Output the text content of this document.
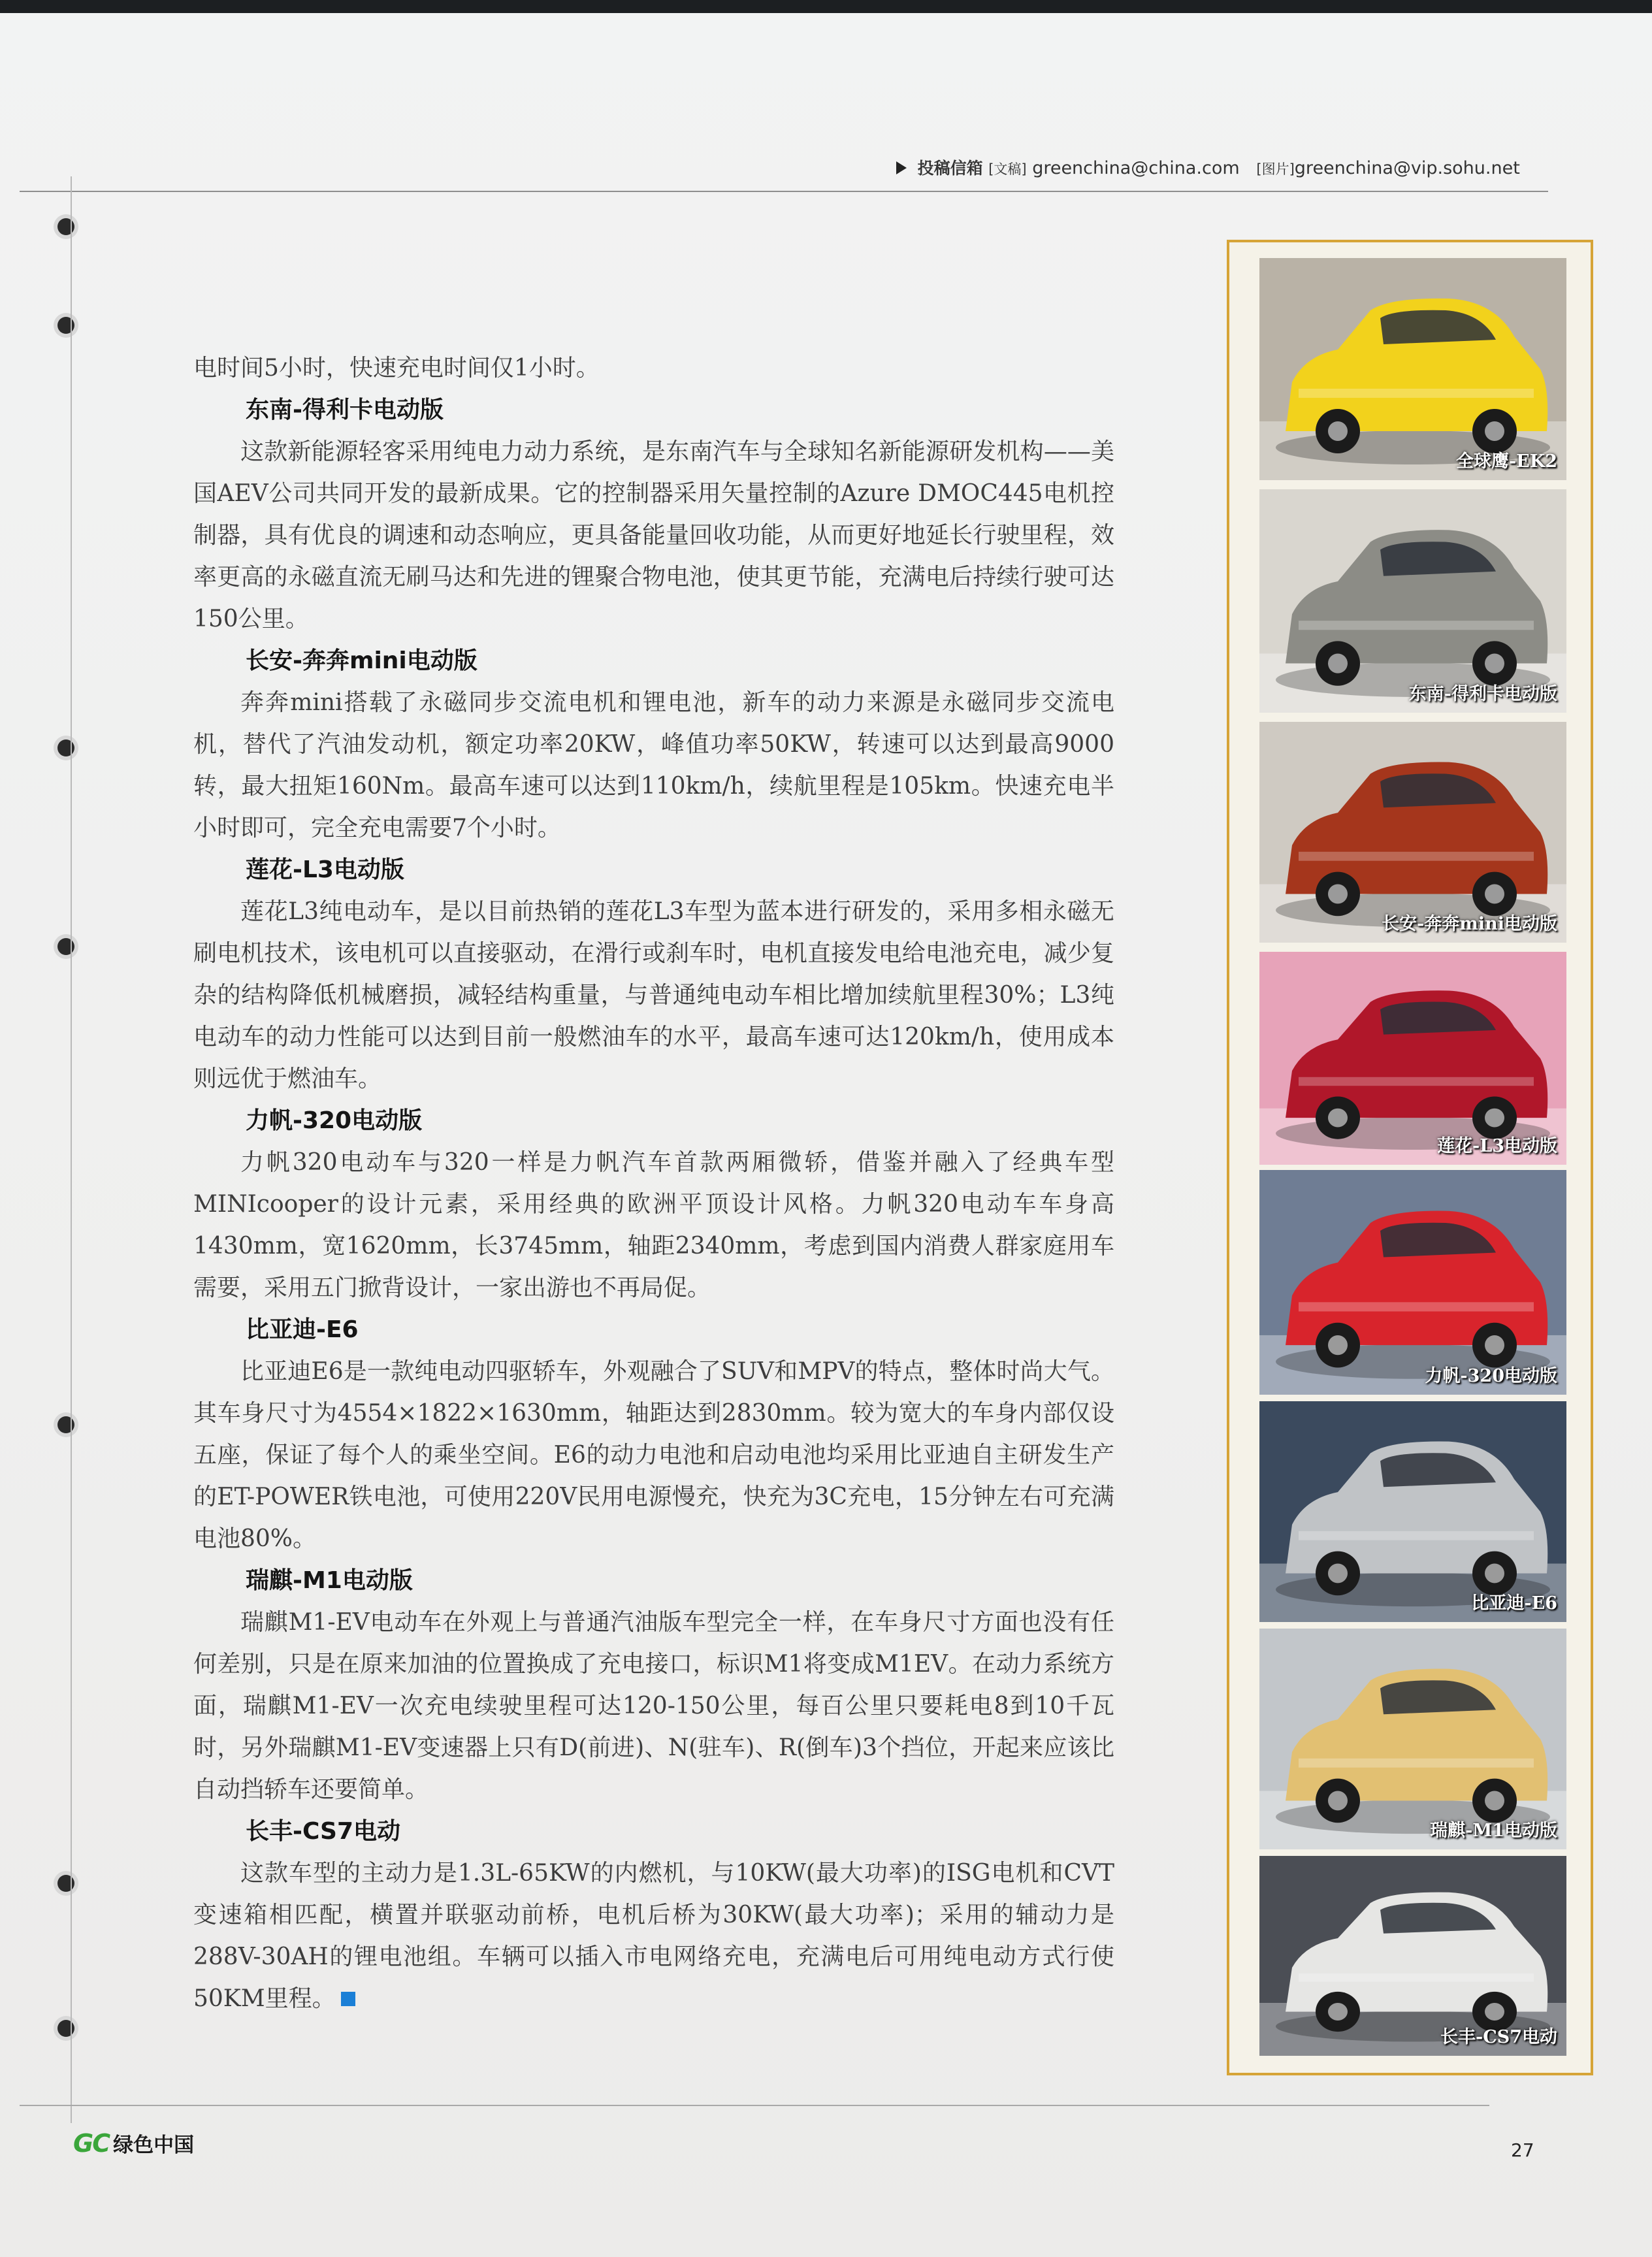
投稿信箱 [文稿] greenchina@china.com [图片]greenchina@vip.sohu.net

电时间5小时，快速充电时间仅1小时。

东南-得利卡电动版

这款新能源轻客采用纯电力动力系统，是东南汽车与全球知名新能源研发机构——美国AEV公司共同开发的最新成果。它的控制器采用矢量控制的Azure DMOC445电机控制器，具有优良的调速和动态响应，更具备能量回收功能，从而更好地延长行驶里程，效率更高的永磁直流无刷马达和先进的锂聚合物电池，使其更节能，充满电后持续行驶可达150公里。

长安-奔奔mini电动版

奔奔mini搭载了永磁同步交流电机和锂电池，新车的动力来源是永磁同步交流电机，替代了汽油发动机，额定功率20KW，峰值功率50KW，转速可以达到最高9000转，最大扭矩160Nm。最高车速可以达到110km/h，续航里程是105km。快速充电半小时即可，完全充电需要7个小时。

莲花-L3电动版

莲花L3纯电动车，是以目前热销的莲花L3车型为蓝本进行研发的，采用多相永磁无刷电机技术，该电机可以直接驱动，在滑行或刹车时，电机直接发电给电池充电，减少复杂的结构降低机械磨损，减轻结构重量，与普通纯电动车相比增加续航里程30%；L3纯电动车的动力性能可以达到目前一般燃油车的水平，最高车速可达120km/h，使用成本则远优于燃油车。

力帆-320电动版

力帆320电动车与320一样是力帆汽车首款两厢微轿，借鉴并融入了经典车型MINIcooper的设计元素，采用经典的欧洲平顶设计风格。力帆320电动车车身高1430mm，宽1620mm，长3745mm，轴距2340mm，考虑到国内消费人群家庭用车需要，采用五门掀背设计，一家出游也不再局促。

比亚迪-E6

比亚迪E6是一款纯电动四驱轿车，外观融合了SUV和MPV的特点，整体时尚大气。其车身尺寸为4554×1822×1630mm，轴距达到2830mm。较为宽大的车身内部仅设五座，保证了每个人的乘坐空间。E6的动力电池和启动电池均采用比亚迪自主研发生产的ET-POWER铁电池，可使用220V民用电源慢充，快充为3C充电，15分钟左右可充满电池80%。

瑞麒-M1电动版

瑞麒M1-EV电动车在外观上与普通汽油版车型完全一样，在车身尺寸方面也没有任何差别，只是在原来加油的位置换成了充电接口，标识M1将变成M1EV。在动力系统方面，瑞麒M1-EV一次充电续驶里程可达120-150公里，每百公里只要耗电8到10千瓦时，另外瑞麒M1-EV变速器上只有D(前进)、N(驻车)、R(倒车)3个挡位，开起来应该比自动挡轿车还要简单。

长丰-CS7电动

这款车型的主动力是1.3L-65KW的内燃机，与10KW(最大功率)的ISG电机和CVT变速箱相匹配，横置并联驱动前桥，电机后桥为30KW(最大功率)；采用的辅动力是288V-30AH的锂电池组。车辆可以插入市电网络充电，充满电后可用纯电动方式行使50KM里程。

全球鹰-EK2
东南-得利卡电动版
长安-奔奔mini电动版
莲花-L3电动版
力帆-320电动版
比亚迪-E6
瑞麒-M1电动版
长丰-CS7电动
GC 绿色中国	27
